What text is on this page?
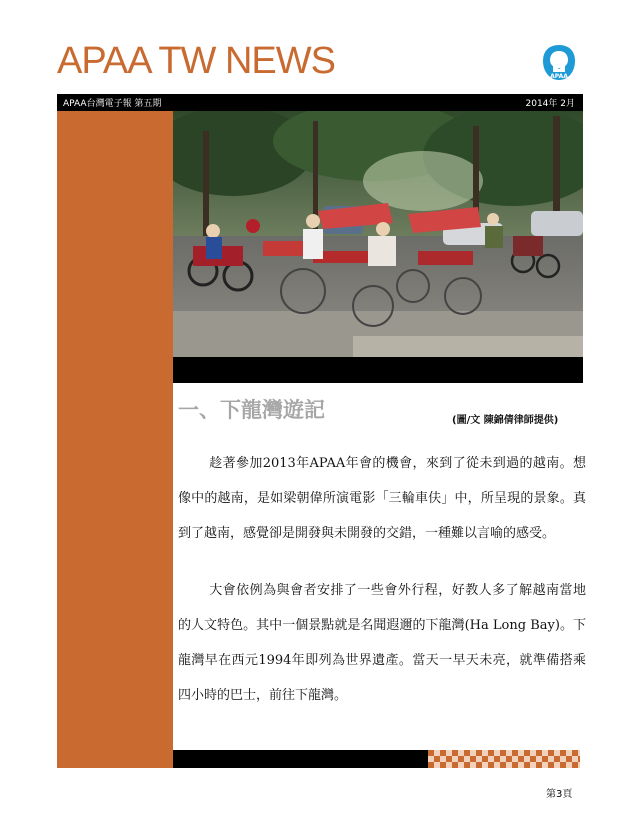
APAA TW NEWS	APAA
APAA台灣電子報 第五期	2014年 2月
一、下龍灣遊記	(圖/文 陳錦倩律師提供)

趁著參加2013年APAA年會的機會，來到了從未到過的越南。想像中的越南，是如梁朝偉所演電影「三輪車伕」中，所呈現的景象。真到了越南，感覺卻是開發與未開發的交錯，一種難以言喻的感受。

大會依例為與會者安排了一些會外行程，好教人多了解越南當地的人文特色。其中一個景點就是名聞遐邇的下龍灣(Ha Long Bay)。下龍灣早在西元1994年即列為世界遺產。當天一早天未亮，就準備搭乘四小時的巴士，前往下龍灣。

第3頁
